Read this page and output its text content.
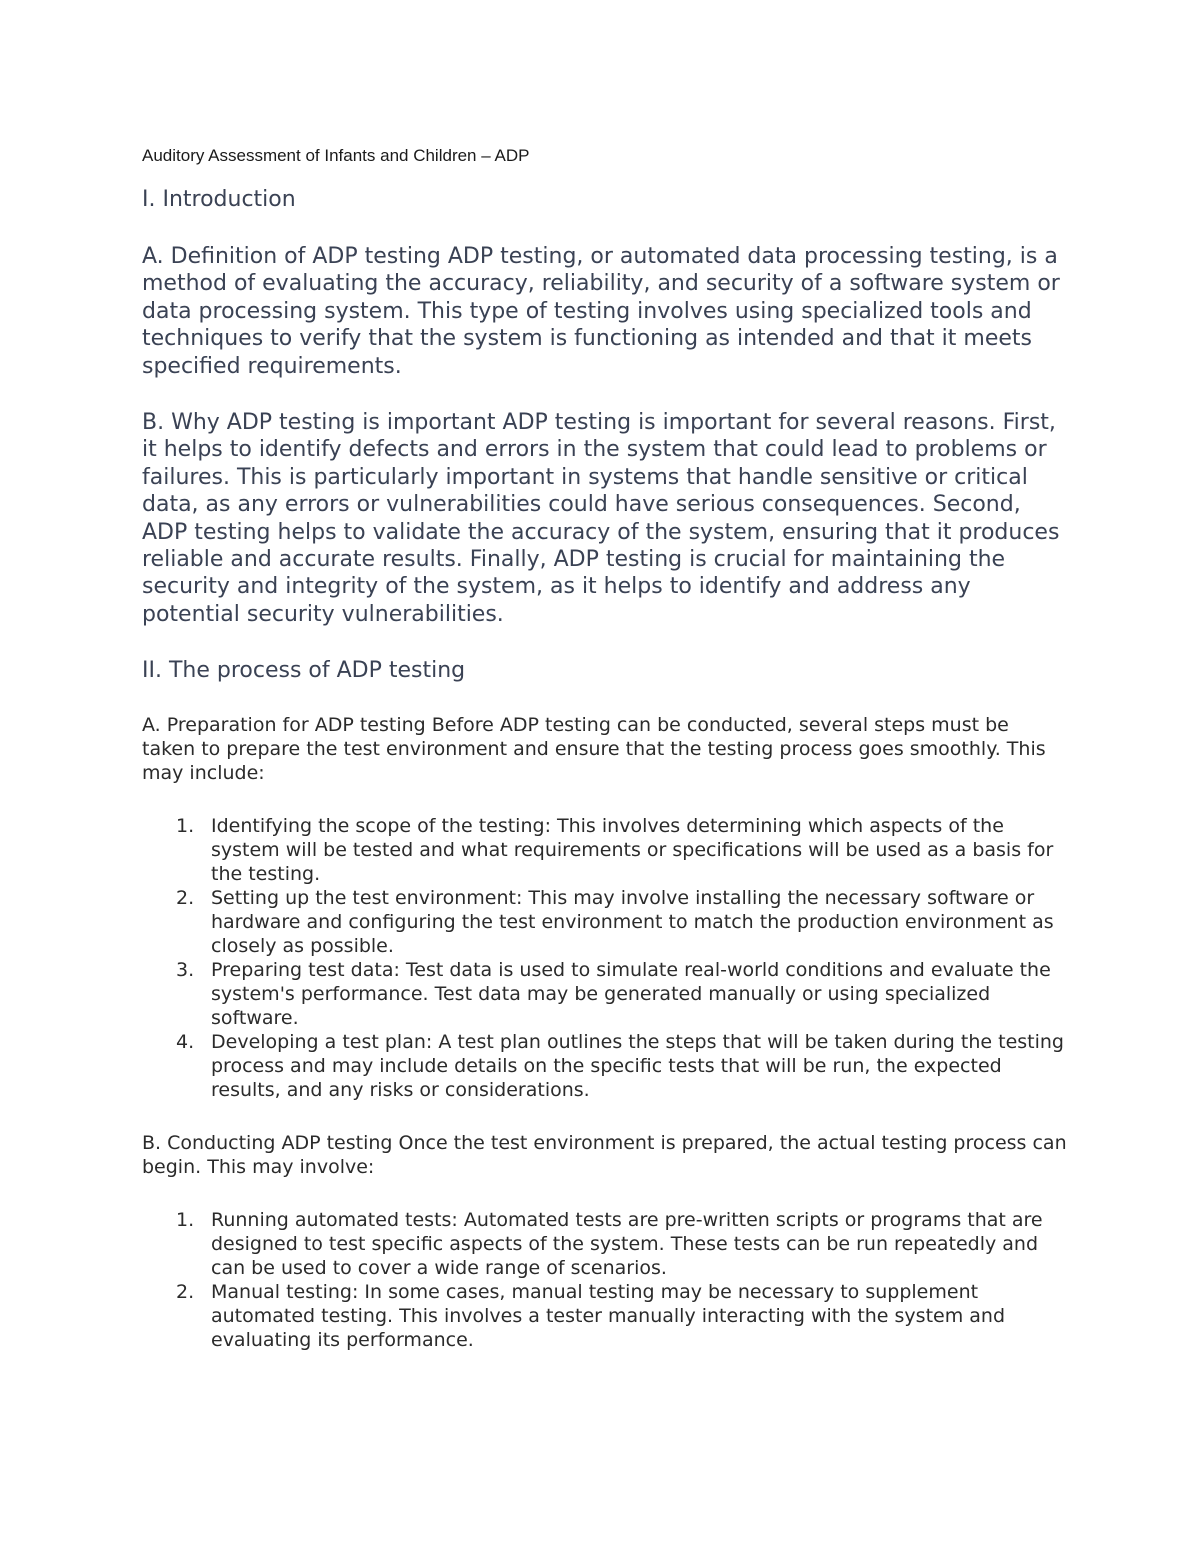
Auditory Assessment of Infants and Children – ADP
I. Introduction
A. Definition of ADP testing ADP testing, or automated data processing testing, is a method of evaluating the accuracy, reliability, and security of a software system or data processing system. This type of testing involves using specialized tools and techniques to verify that the system is functioning as intended and that it meets specified requirements.
B. Why ADP testing is important ADP testing is important for several reasons. First, it helps to identify defects and errors in the system that could lead to problems or failures. This is particularly important in systems that handle sensitive or critical data, as any errors or vulnerabilities could have serious consequences. Second, ADP testing helps to validate the accuracy of the system, ensuring that it produces reliable and accurate results. Finally, ADP testing is crucial for maintaining the security and integrity of the system, as it helps to identify and address any potential security vulnerabilities.
II. The process of ADP testing
A. Preparation for ADP testing Before ADP testing can be conducted, several steps must be taken to prepare the test environment and ensure that the testing process goes smoothly. This may include:
1. Identifying the scope of the testing: This involves determining which aspects of the system will be tested and what requirements or specifications will be used as a basis for the testing.
2. Setting up the test environment: This may involve installing the necessary software or hardware and configuring the test environment to match the production environment as closely as possible.
3. Preparing test data: Test data is used to simulate real-world conditions and evaluate the system's performance. Test data may be generated manually or using specialized software.
4. Developing a test plan: A test plan outlines the steps that will be taken during the testing process and may include details on the specific tests that will be run, the expected results, and any risks or considerations.
B. Conducting ADP testing Once the test environment is prepared, the actual testing process can begin. This may involve:
1. Running automated tests: Automated tests are pre-written scripts or programs that are designed to test specific aspects of the system. These tests can be run repeatedly and can be used to cover a wide range of scenarios.
2. Manual testing: In some cases, manual testing may be necessary to supplement automated testing. This involves a tester manually interacting with the system and evaluating its performance.
